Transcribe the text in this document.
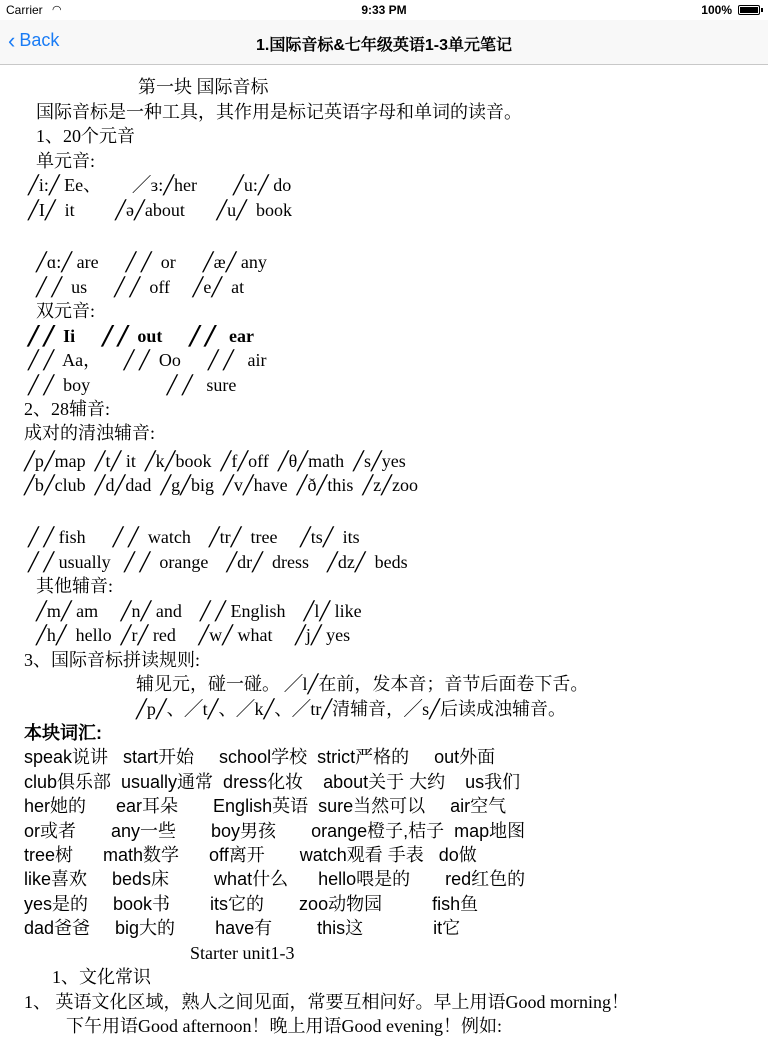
Carrier ◠	9:33 PM	100%
‹ Back	1.国际音标&七年级英语1-3单元笔记
第一块 国际音标
国际音标是一种工具，其作用是标记英语字母和单词的读音。
1、20个元音
单元音:
╱i:╱ Ee、       ╱ɜ:╱her        ╱u:╱ do
╱I╱  it         ╱ə╱about       ╱u╱  book
╱ɑ:╱ are      ╱ ╱  or      ╱æ╱ any
╱ ╱  us      ╱ ╱  off     ╱e╱  at
双元音:
╱ ╱  Ii      ╱ ╱  out      ╱ ╱   ear
╱ ╱  Aa，     ╱ ╱  Oo      ╱ ╱   air
╱ ╱  boy                 ╱ ╱   sure
2、28辅音:
成对的清浊辅音:
╱p╱map  ╱t╱ it  ╱k╱book  ╱f╱off  ╱θ╱math  ╱s╱yes
╱b╱club  ╱d╱dad  ╱g╱big  ╱v╱have  ╱ð╱this  ╱z╱zoo
╱ ╱ fish      ╱ ╱  watch    ╱tr╱  tree     ╱ts╱  its
╱ ╱ usually   ╱ ╱  orange    ╱dr╱  dress    ╱dz╱  beds
其他辅音:
╱m╱ am     ╱n╱ and    ╱ ╱ English    ╱l╱ like
╱h╱  hello  ╱r╱ red     ╱w╱ what     ╱j╱ yes
3、国际音标拼读规则:
辅见元，碰一碰。 ╱l╱在前，发本音；音节后面卷下舌。
╱p╱、╱t╱、╱k╱、╱tr╱清辅音，╱s╱后读成浊辅音。
本块词汇:
speak说讲   start开始     school学校  strict严格的     out外面
club俱乐部  usually通常  dress化妆    about关于 大约    us我们
her她的      ear耳朵       English英语  sure当然可以     air空气
or或者       any一些       boy男孩       orange橙子,桔子  map地图
tree树      math数学      off离开       watch观看 手表   do做
like喜欢     beds床         what什么      hello喂是的       red红色的
yes是的     book书        its它的       zoo动物园          fish鱼
dad爸爸     big大的        have有         this这              it它
Starter unit1-3
1、文化常识
1、 英语文化区域，熟人之间见面，常要互相问好。早上用语Good morning！
下午用语Good afternoon！晚上用语Good evening！例如:
